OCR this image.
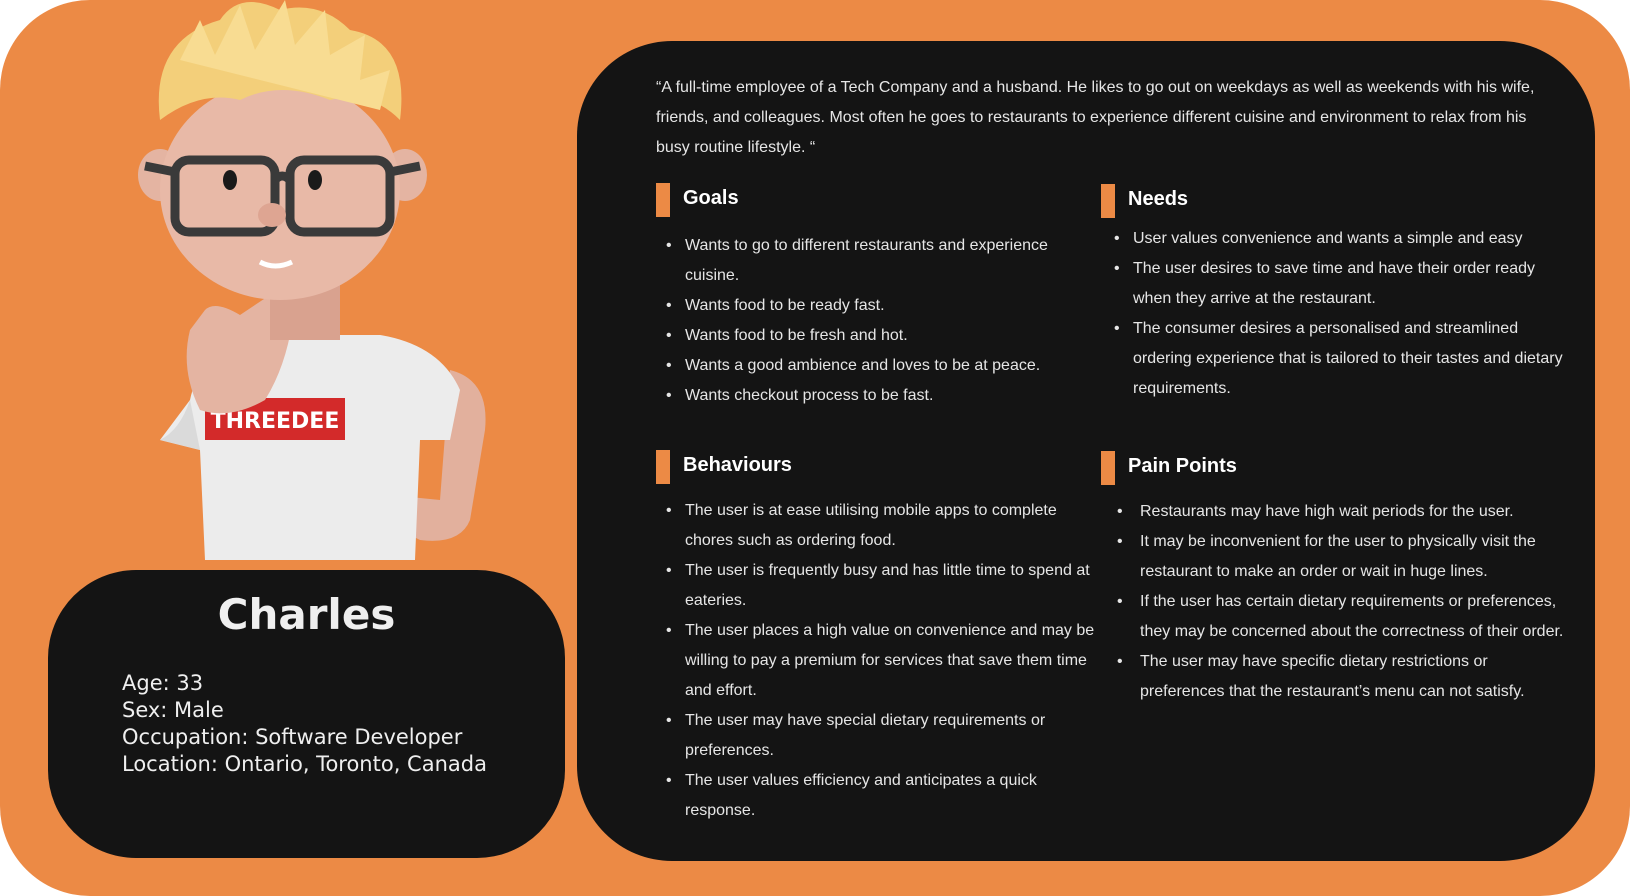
THREEDEE
Charles
Age: 33
Sex: Male
Occupation: Software Developer
Location: Ontario, Toronto, Canada

“A full-time employee of a Tech Company and a husband. He likes to go out on weekdays as well as weekends with his wife, friends, and colleagues. Most often he goes to restaurants to experience different cuisine and environment to relax from his busy routine lifestyle. “

Goals
• Wants to go to different restaurants and experience cuisine.
• Wants food to be ready fast.
• Wants food to be fresh and hot.
• Wants a good ambience and loves to be at peace.
• Wants checkout process to be fast.
Needs
• User values convenience and wants a simple and easy
• The user desires to save time and have their order ready when they arrive at the restaurant.
• The consumer desires a personalised and streamlined ordering experience that is tailored to their tastes and dietary requirements.
Behaviours
• The user is at ease utilising mobile apps to complete chores such as ordering food.
• The user is frequently busy and has little time to spend at eateries.
• The user places a high value on convenience and may be willing to pay a premium for services that save them time and effort.
• The user may have special dietary requirements or preferences.
• The user values efficiency and anticipates a quick response.
Pain Points
• Restaurants may have high wait periods for the user.
• It may be inconvenient for the user to physically visit the restaurant to make an order or wait in huge lines.
• If the user has certain dietary requirements or preferences, they may be concerned about the correctness of their order.
• The user may have specific dietary restrictions or preferences that the restaurant’s menu can not satisfy.
